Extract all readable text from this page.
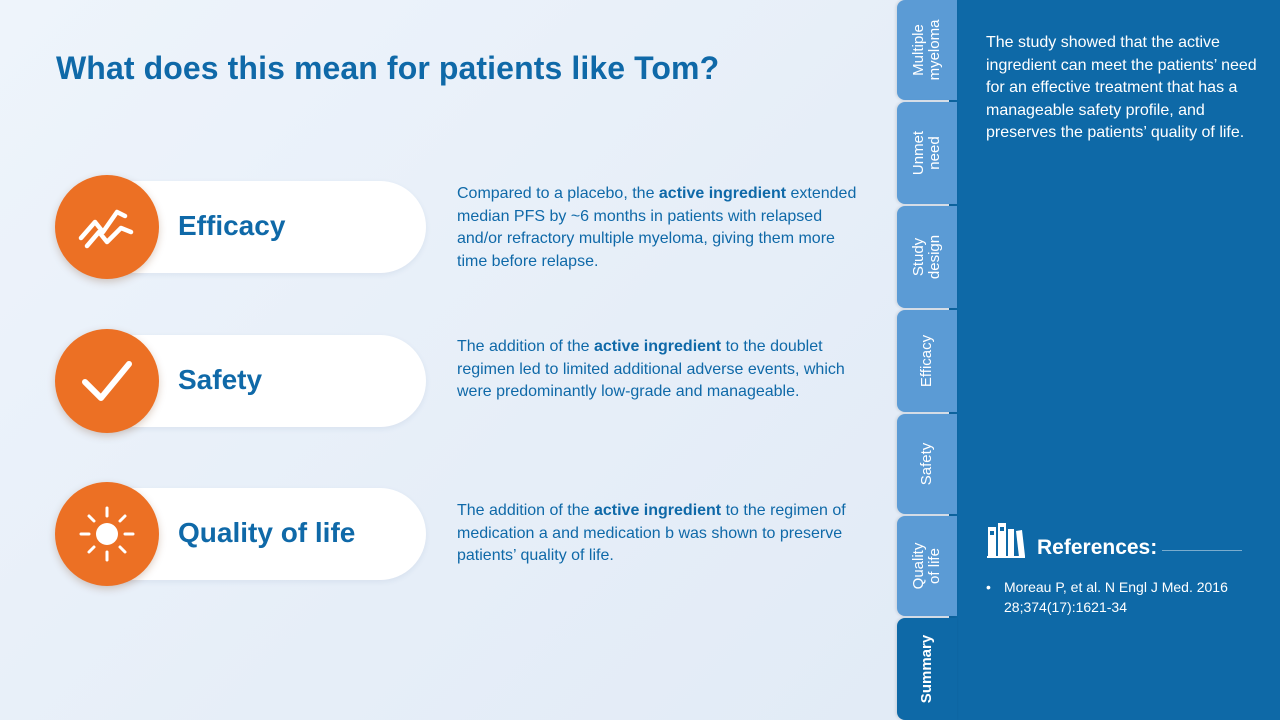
What does this mean for patients like Tom?
Efficacy
Compared to a placebo, the active ingredient extended median PFS by ~6 months in patients with relapsed and/or refractory multiple myeloma, giving them more time before relapse.
Safety
The addition of the active ingredient to the doublet regimen led to limited additional adverse events, which were predominantly low-grade and manageable.
Quality of life
The addition of the active ingredient to the regimen of medication a and medication b was shown to preserve patients’ quality of life.
Multiple
myeloma
Unmet
need
Study
design
Efficacy
Safety
Quality
of life
Summary
The study showed that the active ingredient can meet the patients’ need for an effective treatment that has a manageable safety profile, and preserves the patients’ quality of life.
References:
• Moreau P, et al. N Engl J Med. 2016 28;374(17):1621-34
